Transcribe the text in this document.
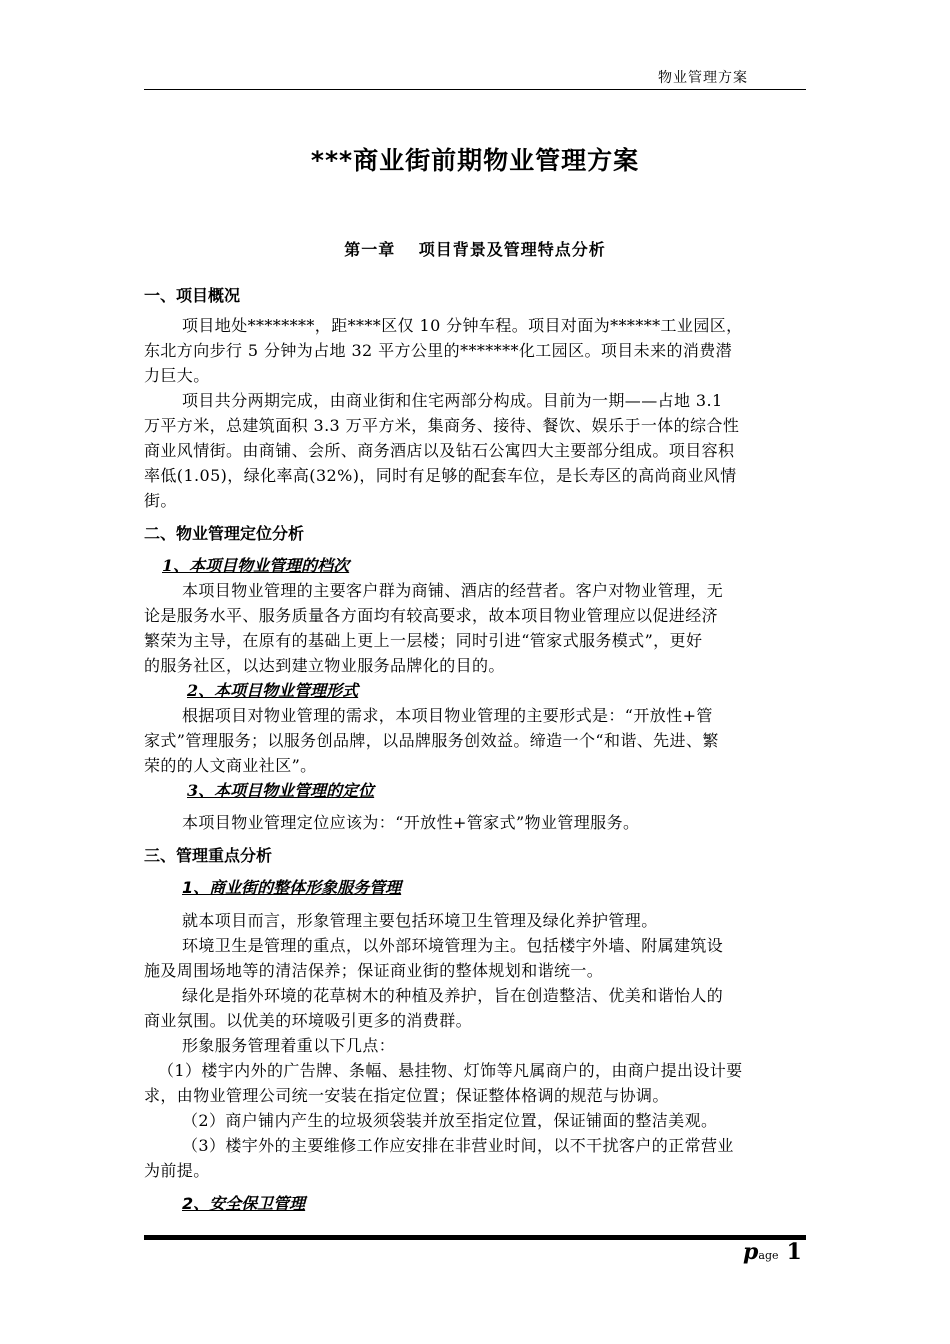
物业管理方案
***商业街前期物业管理方案
第一章　 项目背景及管理特点分析
一、项目概况
项目地处********，距****区仅 10 分钟车程。项目对面为******工业园区，
东北方向步行 5 分钟为占地 32 平方公里的*******化工园区。项目未来的消费潜
力巨大。
项目共分两期完成，由商业街和住宅两部分构成。目前为一期——占地 3.1
万平方米，总建筑面积 3.3 万平方米，集商务、接待、餐饮、娱乐于一体的综合性
商业风情街。由商铺、会所、商务酒店以及钻石公寓四大主要部分组成。项目容积
率低(1.05)，绿化率高(32%)，同时有足够的配套车位，是长寿区的高尚商业风情
街。
二、物业管理定位分析
1、本项目物业管理的档次
本项目物业管理的主要客户群为商铺、酒店的经营者。客户对物业管理，无
论是服务水平、服务质量各方面均有较高要求，故本项目物业管理应以促进经济
繁荣为主导，在原有的基础上更上一层楼；同时引进“管家式服务模式”，更好
的服务社区，以达到建立物业服务品牌化的目的。
2、本项目物业管理形式
根据项目对物业管理的需求，本项目物业管理的主要形式是：“开放性+管
家式”管理服务；以服务创品牌，以品牌服务创效益。缔造一个“和谐、先进、繁
荣的的人文商业社区”。
3、本项目物业管理的定位
本项目物业管理定位应该为：“开放性+管家式”物业管理服务。
三、管理重点分析
1、商业街的整体形象服务管理
就本项目而言，形象管理主要包括环境卫生管理及绿化养护管理。
环境卫生是管理的重点，以外部环境管理为主。包括楼宇外墙、附属建筑设
施及周围场地等的清洁保养；保证商业街的整体规划和谐统一。
绿化是指外环境的花草树木的种植及养护，旨在创造整洁、优美和谐怡人的
商业氛围。以优美的环境吸引更多的消费群。
形象服务管理着重以下几点：
（1）楼宇内外的广告牌、条幅、悬挂物、灯饰等凡属商户的，由商户提出设计要
求，由物业管理公司统一安装在指定位置；保证整体格调的规范与协调。
（2）商户铺内产生的垃圾须袋装并放至指定位置，保证铺面的整洁美观。
（3）楼宇外的主要维修工作应安排在非营业时间，以不干扰客户的正常营业
为前提。
2、安全保卫管理
page 1
